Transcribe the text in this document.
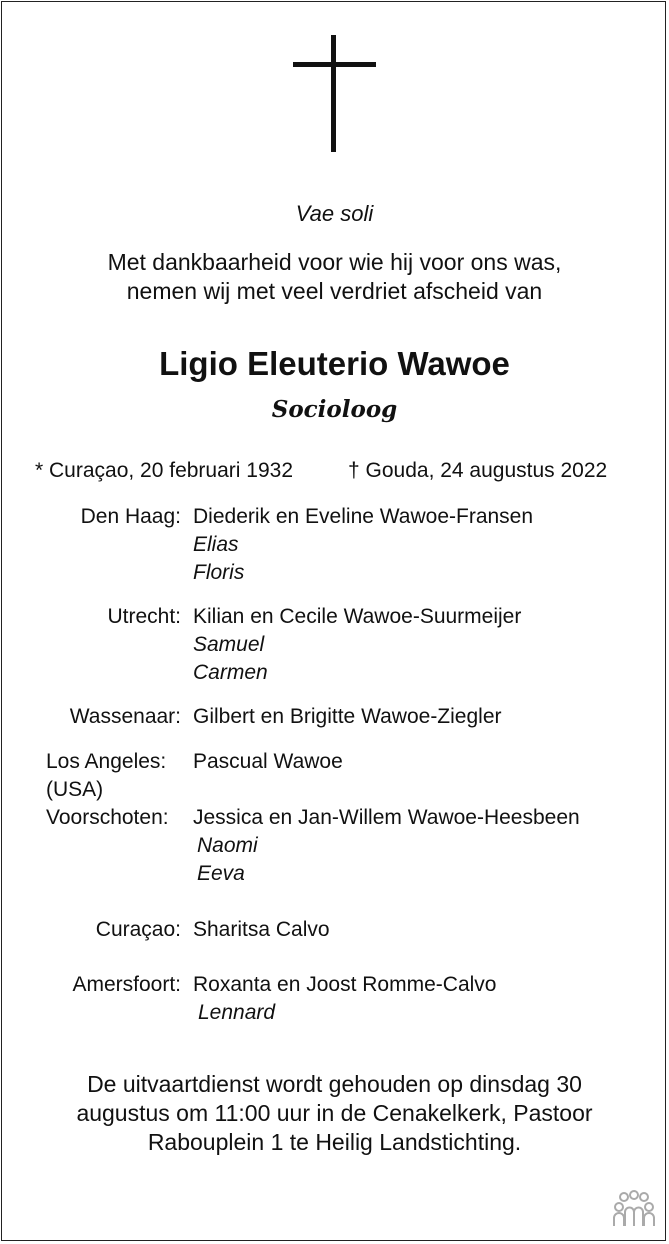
Vae soli
Met dankbaarheid voor wie hij voor ons was,
nemen wij met veel verdriet afscheid van
Ligio Eleuterio Wawoe
Socioloog
* Curaçao, 20 februari 1932	† Gouda, 24 augustus 2022
Den Haag: Diederik en Eveline Wawoe-Fransen
Elias
Floris
Utrecht: Kilian en Cecile Wawoe-Suurmeijer
Samuel
Carmen
Wassenaar: Gilbert en Brigitte Wawoe-Ziegler
Los Angeles:
(USA)
Pascual Wawoe
Voorschoten: Jessica en Jan-Willem Wawoe-Heesbeen
Naomi
Eeva
Curaçao: Sharitsa Calvo
Amersfoort: Roxanta en Joost Romme-Calvo
Lennard
De uitvaartdienst wordt gehouden op dinsdag 30
augustus om 11:00 uur in de Cenakelkerk, Pastoor
Rabouplein 1 te Heilig Landstichting.
